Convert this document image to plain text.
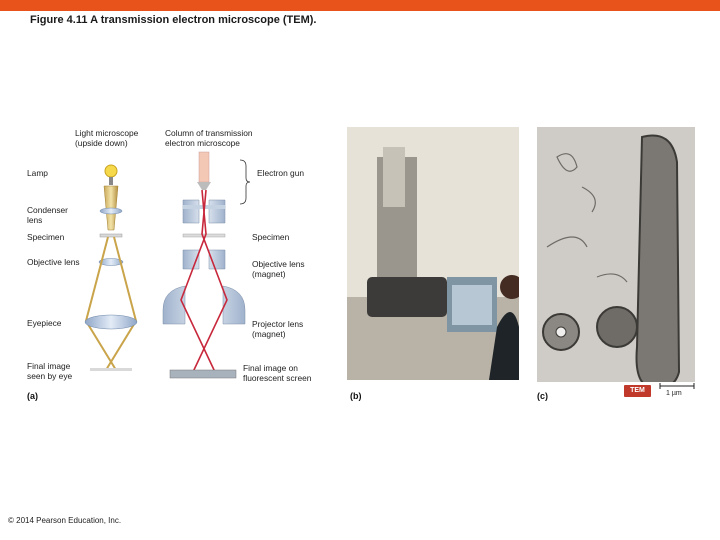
Figure 4.11 A transmission electron microscope (TEM).
Light microscope
(upside down)
Column of transmission
electron microscope
Lamp
Condenser
lens
Specimen
Objective lens
Eyepiece
Final image
seen by eye
Electron gun
Specimen
Objective lens
(magnet)
Projector lens
(magnet)
Final image on
fluorescent screen
(a)	(b)	(c)
TEM	1 µm
© 2014 Pearson Education, Inc.
